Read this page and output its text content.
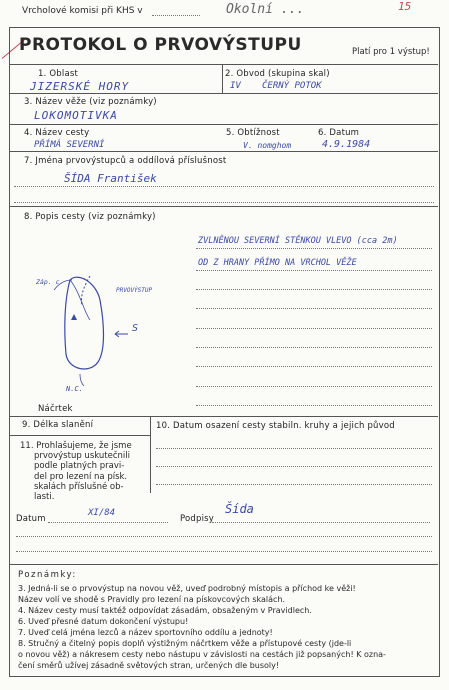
Vrcholové komisi při KHS v	Okolní ...	15
PROTOKOL O PRVOVÝSTUPU	Platí pro 1 výstup!
1. Oblast	2. Obvod (skupina skal)
JIZERSKÉ HORY	IV ČERNÝ POTOK
3. Název věže (viz poznámky)
LOKOMOTIVKA
4. Název cesty	5. Obtížnost	6. Datum
PŘÍMÁ SEVERNÍ	V. nomghom	4.9.1984
7. Jména prvovýstupců a oddílová příslušnost
ŠÍDA František
8. Popis cesty (viz poznámky)
ZVLNĚNOU SEVERNÍ STĚNKOU VLEVO (cca 2m)
OD Z HRANY PŘÍMO NA VRCHOL VĚŽE
Záp. c.
PRVOVÝSTUP
S
N.C.
Náčrtek
9. Délka slanění	10. Datum osazení cesty stabiln. kruhy a jejich původ
11. Prohlašujeme, že jsme
prvovýstup uskutečnili
podle platných pravi-
del pro lezení na písk.
skalách příslušné ob-
lasti.
Datum
XI/84
Podpisy
Šída
Poznámky:
3. Jedná-li se o prvovýstup na novou věž, uveď podrobný místopis a příchod ke věži!
Název volí ve shodě s Pravidly pro lezení na pískovcových skalách.
4. Název cesty musí taktéž odpovídat zásadám, obsaženým v Pravidlech.
6. Uveď přesné datum dokončení výstupu!
7. Uveď celá jména lezců a název sportovního oddílu a jednoty!
8. Stručný a čitelný popis doplň výstižným náčrtkem věže a přístupové cesty (jde-li
o novou věž) a nákresem cesty nebo nástupu v závislosti na cestách již popsaných! K ozna-
čení směrů užívej zásadně světových stran, určených dle busoly!
